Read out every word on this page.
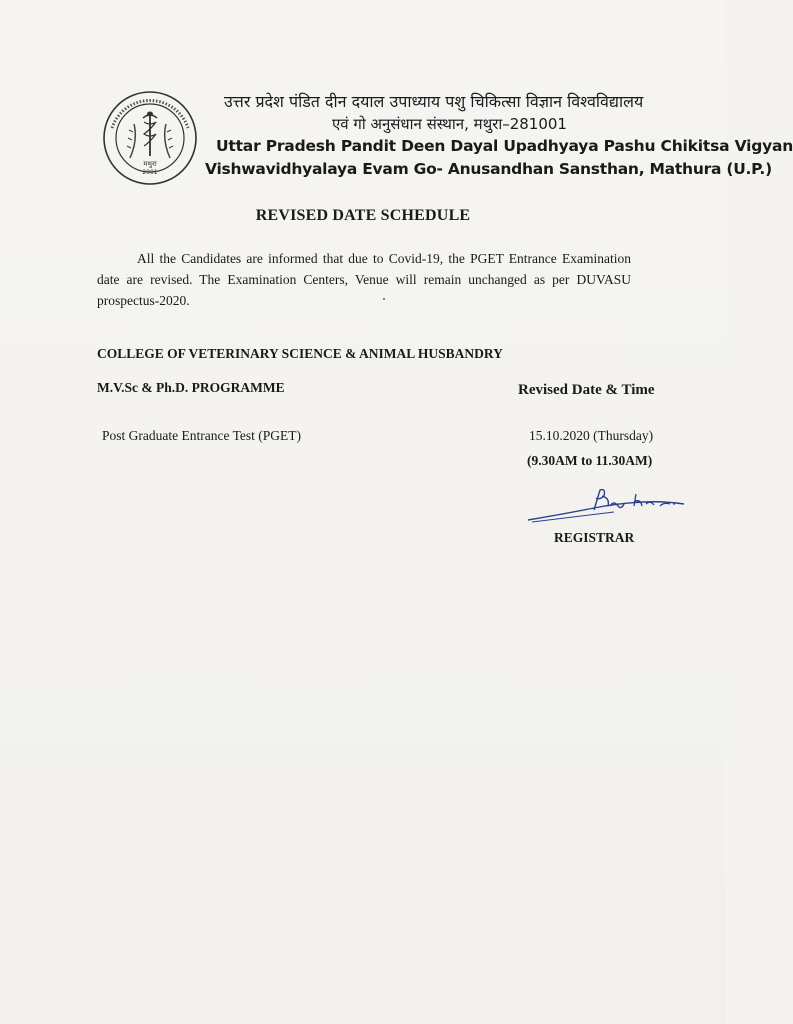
मथुरा
2001
उत्तर प्रदेश पंडित दीन दयाल उपाध्याय पशु चिकित्सा विज्ञान विश्वविद्यालय
एवं गो अनुसंधान संस्थान, मथुरा–281001
Uttar Pradesh Pandit Deen Dayal Upadhyaya Pashu Chikitsa Vigyan
Vishwavidhyalaya Evam Go- Anusandhan Sansthan, Mathura (U.P.)
REVISED DATE SCHEDULE
All the Candidates are informed that due to Covid-19, the PGET Entrance Examination date are revised. The Examination Centers, Venue will remain unchanged as per DUVASU prospectus-2020.
COLLEGE OF VETERINARY SCIENCE & ANIMAL HUSBANDRY
M.V.Sc & Ph.D. PROGRAMME	Revised Date & Time
Post Graduate Entrance Test (PGET)	15.10.2020 (Thursday)
(9.30AM to 11.30AM)
REGISTRAR
